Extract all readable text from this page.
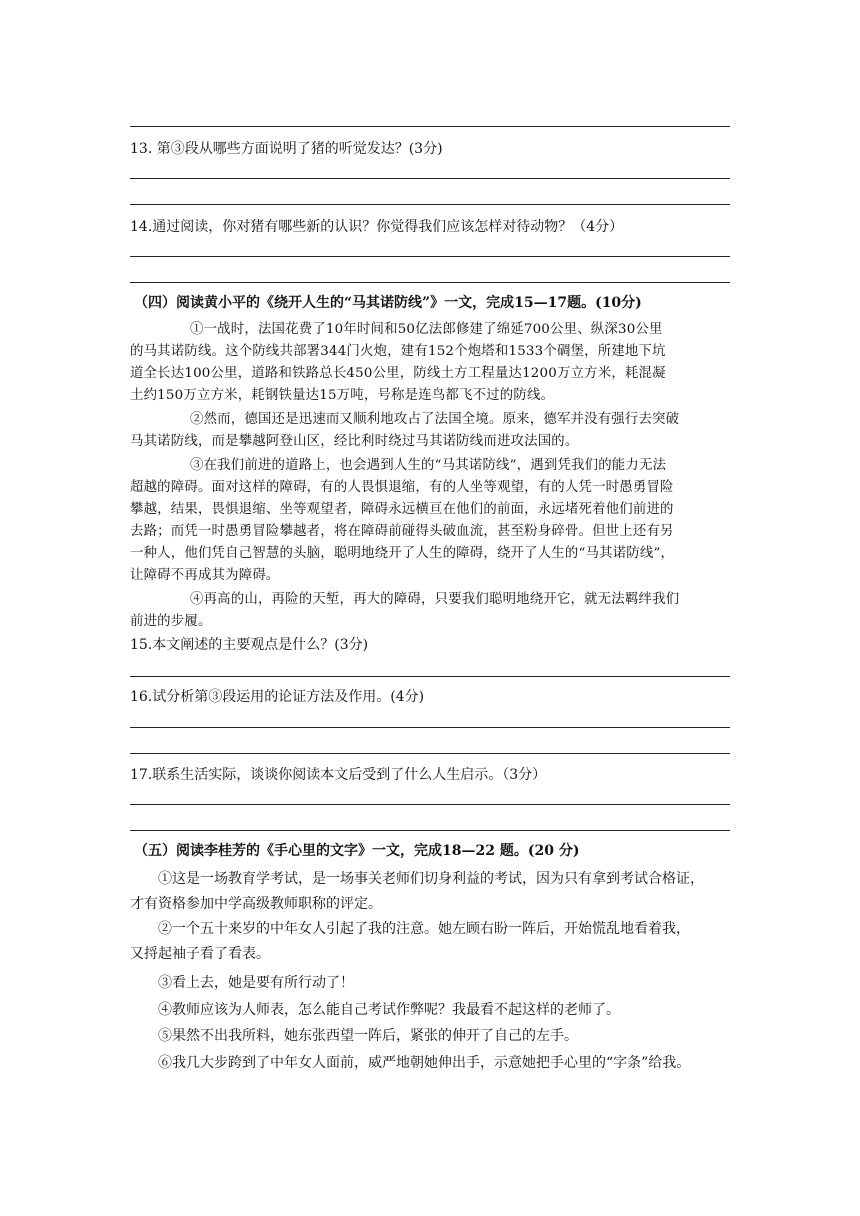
13. 第③段从哪些方面说明了猪的听觉发达？(3分)
14.通过阅读，你对猪有哪些新的认识？你觉得我们应该怎样对待动物？（4分）
（四）阅读黄小平的《绕开人生的“马其诺防线”》一文，完成15—17题。(10分)
①一战时，法国花费了10年时间和50亿法郎修建了绵延700公里、纵深30公里
的马其诺防线。这个防线共部署344门火炮，建有152个炮塔和1533个碉堡，所建地下坑
道全长达100公里，道路和铁路总长450公里，防线土方工程量达1200万立方米，耗混凝
土约150万立方米，耗钢铁量达15万吨，号称是连鸟都飞不过的防线。
②然而，德国还是迅速而又顺利地攻占了法国全境。原来，德军并没有强行去突破
马其诺防线，而是攀越阿登山区，经比利时绕过马其诺防线而进攻法国的。
③在我们前进的道路上，也会遇到人生的“马其诺防线”，遇到凭我们的能力无法
超越的障碍。面对这样的障碍，有的人畏惧退缩，有的人坐等观望，有的人凭一时愚勇冒险
攀越，结果，畏惧退缩、坐等观望者，障碍永远横亘在他们的前面，永远堵死着他们前进的
去路；而凭一时愚勇冒险攀越者，将在障碍前碰得头破血流，甚至粉身碎骨。但世上还有另
一种人，他们凭自己智慧的头脑，聪明地绕开了人生的障碍，绕开了人生的“马其诺防线”，
让障碍不再成其为障碍。
④再高的山，再险的天堑，再大的障碍，只要我们聪明地绕开它，就无法羁绊我们
前进的步履。
15.本文阐述的主要观点是什么？(3分)
16.试分析第③段运用的论证方法及作用。(4分)
17.联系生活实际，谈谈你阅读本文后受到了什么人生启示。（3分）
（五）阅读李桂芳的《手心里的文字》一文，完成18—22 题。(20 分)
①这是一场教育学考试，是一场事关老师们切身利益的考试，因为只有拿到考试合格证，
才有资格参加中学高级教师职称的评定。
②一个五十来岁的中年女人引起了我的注意。她左顾右盼一阵后，开始慌乱地看着我，
又捋起袖子看了看表。
③看上去，她是要有所行动了！
④教师应该为人师表，怎么能自己考试作弊呢？我最看不起这样的老师了。
⑤果然不出我所料，她东张西望一阵后，紧张的伸开了自己的左手。
⑥我几大步跨到了中年女人面前，威严地朝她伸出手，示意她把手心里的“字条”给我。
